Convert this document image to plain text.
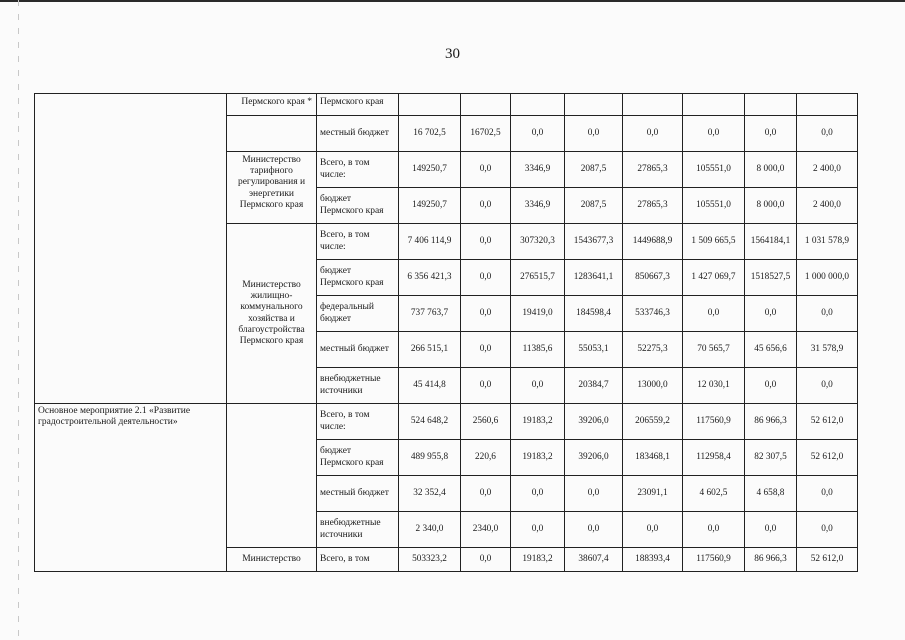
30
	Пермского края *	Пермского края								
		местный бюджет	16 702,5	16702,5	0,0	0,0	0,0	0,0	0,0	0,0
	Министерство тарифного регулирования и энергетики Пермского края	Всего, в том числе:	149250,7	0,0	3346,9	2087,5	27865,3	105551,0	8 000,0	2 400,0
		бюджет Пермского края	149250,7	0,0	3346,9	2087,5	27865,3	105551,0	8 000,0	2 400,0
	Министерство жилищно-коммунального хозяйства и благоустройства Пермского края	Всего, в том числе:	7 406 114,9	0,0	307320,3	1543677,3	1449688,9	1 509 665,5	1564184,1	1 031 578,9
		бюджет Пермского края	6 356 421,3	0,0	276515,7	1283641,1	850667,3	1 427 069,7	1518527,5	1 000 000,0
		федеральный бюджет	737 763,7	0,0	19419,0	184598,4	533746,3	0,0	0,0	0,0
		местный бюджет	266 515,1	0,0	11385,6	55053,1	52275,3	70 565,7	45 656,6	31 578,9
		внебюджетные источники	45 414,8	0,0	0,0	20384,7	13000,0	12 030,1	0,0	0,0
Основное мероприятие 2.1 «Развитие градостроительной деятельности»		Всего, в том числе:	524 648,2	2560,6	19183,2	39206,0	206559,2	117560,9	86 966,3	52 612,0
		бюджет Пермского края	489 955,8	220,6	19183,2	39206,0	183468,1	112958,4	82 307,5	52 612,0
		местный бюджет	32 352,4	0,0	0,0	0,0	23091,1	4 602,5	4 658,8	0,0
		внебюджетные источники	2 340,0	2340,0	0,0	0,0	0,0	0,0	0,0	0,0
	Министерство	Всего, в том	503323,2	0,0	19183,2	38607,4	188393,4	117560,9	86 966,3	52 612,0
